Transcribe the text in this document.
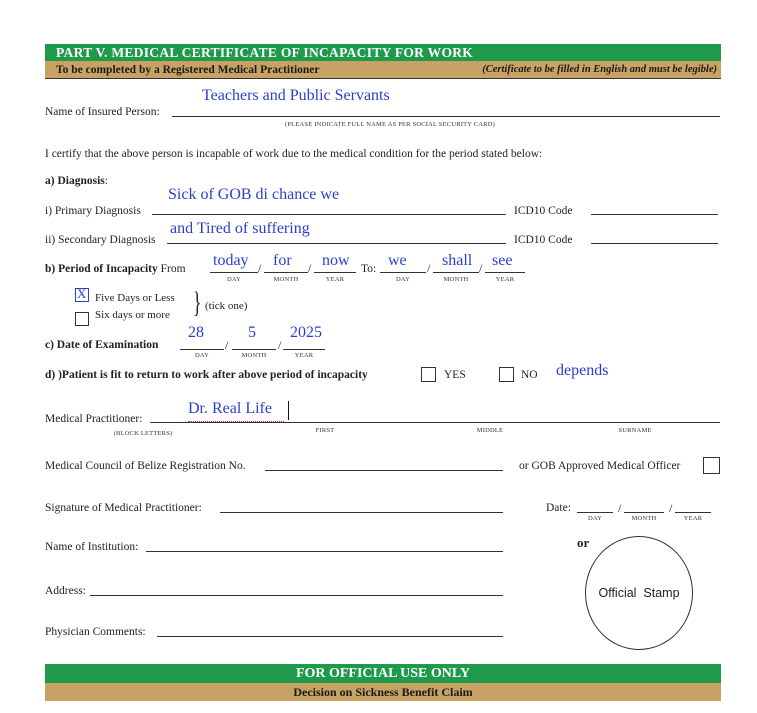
PART V. MEDICAL CERTIFICATE OF INCAPACITY FOR WORK
To be completed by a Registered Medical Practitioner	(Certificate to be filled in English and must be legible)
Name of Insured Person:
Teachers and Public Servants
(PLEASE INDICATE FULL NAME AS PER SOCIAL SECURITY CARD)
I certify that the above person is incapable of work due to the medical condition for the period stated below:
a) Diagnosis:
i) Primary Diagnosis
Sick of GOB di chance we
ICD10 Code
ii) Secondary Diagnosis
and Tired of suffering
ICD10 Code
b) Period of Incapacity From today
DAY
/ for
MONTH
/ now
YEAR
To: we
DAY
/ shall
MONTH
/ see
YEAR
X Five Days or Less
Six days or more } (tick one)
c) Date of Examination
28
DAY
/
5
MONTH
/
2025
YEAR
d) )Patient is fit to return to work after above period of incapacity	YES	NO depends
Medical Practitioner:
Dr. Real Life
(BLOCK LETTERS)	FIRST	MIDDLE	SURNAME
Medical Council of Belize Registration No.	or GOB Approved Medical Officer
Signature of Medical Practitioner:	Date:
DAY
/
MONTH
/
YEAR
Name of Institution:	or
Address:
Physician Comments:
Official  Stamp
FOR OFFICIAL USE ONLY
Decision on Sickness Benefit Claim
